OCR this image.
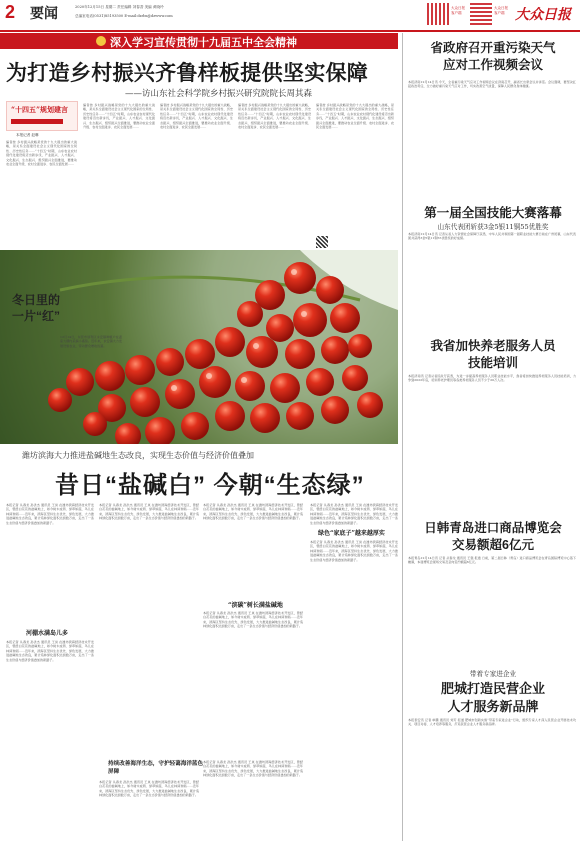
2 要闻	2020年12月15日 星期二 责任编辑 刘春香 美编 黄晓玲
总编室电话(0531)85193500 E-mail:dzrbs@dzwww.com
大众日报
客户端
大众日报
客户端 大众日报
深入学习宣传贯彻十九届五中全会精神
为打造乡村振兴齐鲁样板提供坚实保障
——访山东社会科学院乡村振兴研究院院长周其森
“十四五”规划建言
本报记者 赵琳
编者按 乡村振兴战略是党的十九大提出的重大战略，是关系全面建设社会主义现代化国家的全局性、历史性任务……“十四五”时期，山东农业农村现代化建设将迈出新步伐，产业振兴、人才振兴、文化振兴、生态振兴、组织振兴全面推进，要推动农业全面升级、农村全面进步、农民全面发展……
编者按 乡村振兴战略是党的十九大提出的重大战略，是关系全面建设社会主义现代化国家的全局性、历史性任务……“十四五”时期，山东农业农村现代化建设将迈出新步伐，产业振兴、人才振兴、文化振兴、生态振兴、组织振兴全面推进，要推动农业全面升级、农村全面进步、农民全面发展……
编者按 乡村振兴战略是党的十九大提出的重大战略，是关系全面建设社会主义现代化国家的全局性、历史性任务……“十四五”时期，山东农业农村现代化建设将迈出新步伐，产业振兴、人才振兴、文化振兴、生态振兴、组织振兴全面推进，要推动农业全面升级、农村全面进步、农民全面发展……
编者按 乡村振兴战略是党的十九大提出的重大战略，是关系全面建设社会主义现代化国家的全局性、历史性任务……“十四五”时期，山东农业农村现代化建设将迈出新步伐，产业振兴、人才振兴、文化振兴、生态振兴、组织振兴全面推进，要推动农业全面升级、农村全面进步、农民全面发展……
编者按 乡村振兴战略是党的十九大提出的重大战略，是关系全面建设社会主义现代化国家的全局性、历史性任务……“十四五”时期，山东农业农村现代化建设将迈出新步伐，产业振兴、人才振兴、文化振兴、生态振兴、组织振兴全面推进，要推动农业全面升级、农村全面进步、农民全面发展……
冬日里的
一片“红”
12月14日，东营市垦利区永安镇种植户在温室大棚内采摘小番茄。近年来，永安镇大力发展设施农业，带动群众增收致富。
潍坊滨海大力推进盐碱地生态改良，实现生态价值与经济价值叠加
昔日“盐碱白” 今朝“生态绿”
本报记者 从春龙 孙洪杰 通讯员 王岚 在潍坊滨海经济技术开发区，曾经白花花的盐碱地上，如今树木成荫、绿草如茵，鸟儿在林间欢唱……近年来，滨海区坚持生态优先、绿色发展，大力推进盐碱地生态改良，累计造林绿化面积达到数万亩，走出了一条生态价值与经济价值叠加的新路子。
河棚水满岛儿多
本报记者 从春龙 孙洪杰 通讯员 王岚 在潍坊滨海经济技术开发区，曾经白花花的盐碱地上，如今树木成荫、绿草如茵，鸟儿在林间欢唱……近年来，滨海区坚持生态优先、绿色发展，大力推进盐碱地生态改良，累计造林绿化面积达到数万亩，走出了一条生态价值与经济价值叠加的新路子。
本报记者 从春龙 孙洪杰 通讯员 王岚 在潍坊滨海经济技术开发区，曾经白花花的盐碱地上，如今树木成荫、绿草如茵，鸟儿在林间欢唱……近年来，滨海区坚持生态优先、绿色发展，大力推进盐碱地生态改良，累计造林绿化面积达到数万亩，走出了一条生态价值与经济价值叠加的新路子。
本报记者 从春龙 孙洪杰 通讯员 王岚 在潍坊滨海经济技术开发区，曾经白花花的盐碱地上，如今树木成荫、绿草如茵，鸟儿在林间欢唱……近年来，滨海区坚持生态优先、绿色发展，大力推进盐碱地生态改良，累计造林绿化面积达到数万亩，走出了一条生态价值与经济价值叠加的新路子。
“滨碳”树长满盐碱地
本报记者 从春龙 孙洪杰 通讯员 王岚 在潍坊滨海经济技术开发区，曾经白花花的盐碱地上，如今树木成荫、绿草如茵，鸟儿在林间欢唱……近年来，滨海区坚持生态优先、绿色发展，大力推进盐碱地生态改良，累计造林绿化面积达到数万亩，走出了一条生态价值与经济价值叠加的新路子。
持续改善海洋生态，守护轻蔼海洋蓝色屏障
本报记者 从春龙 孙洪杰 通讯员 王岚 在潍坊滨海经济技术开发区，曾经白花花的盐碱地上，如今树木成荫、绿草如茵，鸟儿在林间欢唱……近年来，滨海区坚持生态优先、绿色发展，大力推进盐碱地生态改良，累计造林绿化面积达到数万亩，走出了一条生态价值与经济价值叠加的新路子。
本报记者 从春龙 孙洪杰 通讯员 王岚 在潍坊滨海经济技术开发区，曾经白花花的盐碱地上，如今树木成荫、绿草如茵，鸟儿在林间欢唱……近年来，滨海区坚持生态优先、绿色发展，大力推进盐碱地生态改良，累计造林绿化面积达到数万亩，走出了一条生态价值与经济价值叠加的新路子。
本报记者 从春龙 孙洪杰 通讯员 王岚 在潍坊滨海经济技术开发区，曾经白花花的盐碱地上，如今树木成荫、绿草如茵，鸟儿在林间欢唱……近年来，滨海区坚持生态优先、绿色发展，大力推进盐碱地生态改良，累计造林绿化面积达到数万亩，走出了一条生态价值与经济价值叠加的新路子。
绿色“家底子”越来越厚实
本报记者 从春龙 孙洪杰 通讯员 王岚 在潍坊滨海经济技术开发区，曾经白花花的盐碱地上，如今树木成荫、绿草如茵，鸟儿在林间欢唱……近年来，滨海区坚持生态优先、绿色发展，大力推进盐碱地生态改良，累计造林绿化面积达到数万亩，走出了一条生态价值与经济价值叠加的新路子。
省政府召开重污染天气
应对工作视频会议
本报济南12月14日讯 今天，全省重污染天气应对工作视频会议在济南召开，副省长出席会议并讲话。会议强调，要坚决扛起政治责任，全力做好重污染天气应对工作，切实改善空气质量，保障人民群众身体健康。
第一届全国技能大赛落幕
山东代表团斩获3金5银11铜55优胜奖
本报济南12月14日讯 记者从省人力资源社会保障厅获悉，中华人民共和国第一届职业技能大赛日前在广州闭幕，山东代表团共获得3金5银11铜55优胜奖的好成绩。
我省加快养老服务人员
技能培训
本报济南讯 记者从省民政厅获悉，为进一步提高养老服务人员职业技能水平，我省将加快推进养老服务人员技能培训，力争到2022年底，培训养老护理员等各类养老服务人员不少于20万人次。
日韩青岛进口商品博览会
交易额超6亿元
本报青岛12月14日讯 记者 从春龙 通讯员 王强 报道 日前，第二届日韩（青岛）进口商品博览会在青岛国际博览中心落下帷幕，本届博览会现场交易及意向签约额超6亿元。
带着专家进企业
肥城打造民营企业
人才服务新品牌
本报泰安讯 记者 单鹏 通讯员 刘芳 报道 肥城市创新实施“带着专家进企业”行动，组织专家人才深入民营企业开展技术攻关、项目对接、人才培养等服务，打造民营企业人才服务新品牌。
